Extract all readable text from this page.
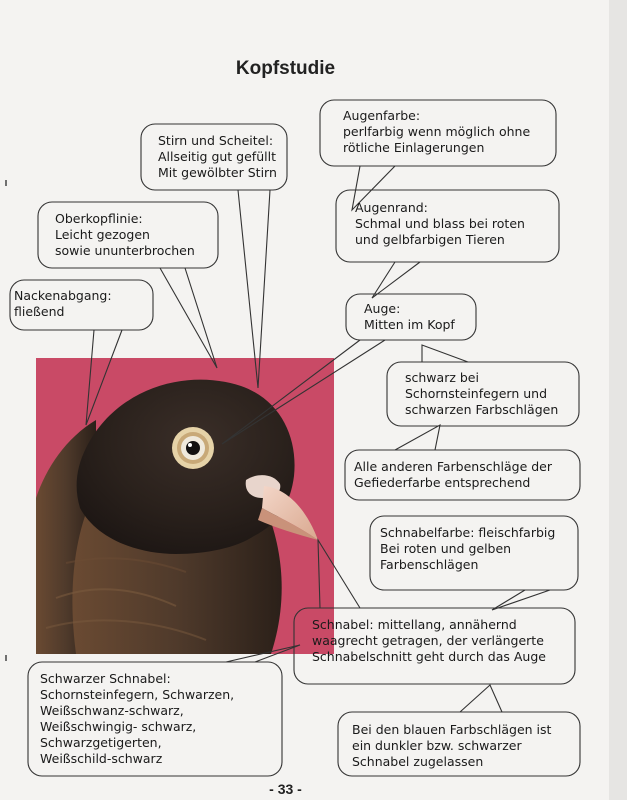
Kopfstudie
Stirn und Scheitel:
Allseitig gut gefüllt
Mit gewölbter Stirn
Augenfarbe:
perlfarbig wenn möglich ohne
rötliche Einlagerungen
Oberkopflinie:
Leicht gezogen
sowie ununterbrochen
Augenrand:
Schmal und blass bei roten
und gelbfarbigen Tieren
Nackenabgang:
fließend	Auge:
Mitten im Kopf
schwarz bei
Schornsteinfegern und
schwarzen Farbschlägen
Alle anderen Farbenschläge der
Gefiederfarbe entsprechend
Schnabelfarbe: fleischfarbig
Bei roten und gelben
Farbenschlägen
Schnabel: mittellang, annähernd
waagrecht getragen, der verlängerte
Schnabelschnitt geht durch das Auge
Schwarzer Schnabel:
Schornsteinfegern, Schwarzen,
Weißschwanz-schwarz,
Weißschwingig- schwarz,
Schwarzgetigerten,
Weißschild-schwarz
Bei den blauen Farbschlägen ist
ein dunkler bzw. schwarzer
Schnabel zugelassen
- 33 -
